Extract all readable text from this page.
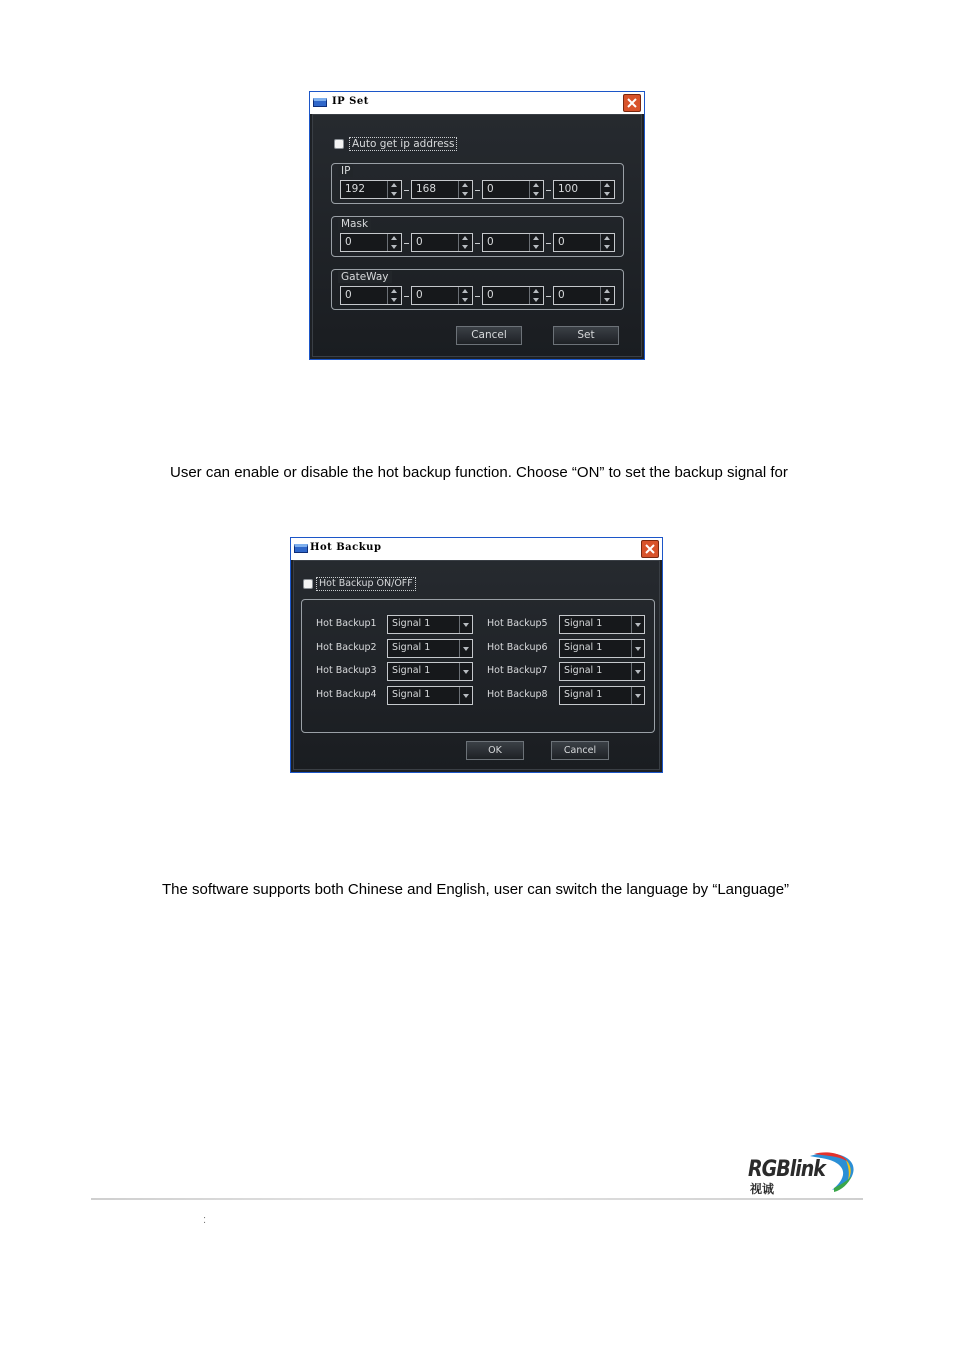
IP Set
Auto get ip address
IP
192	168	0	100
Mask
0	0	0	0
GateWay
0	0	0	0
Cancel	Set
User can enable or disable the hot backup function. Choose “ON” to set the backup signal for
Hot Backup
Hot Backup ON/OFF
Hot Backup1 Signal 1
Hot Backup2 Signal 1
Hot Backup3 Signal 1
Hot Backup4 Signal 1
Hot Backup5 Signal 1
Hot Backup6 Signal 1
Hot Backup7 Signal 1
Hot Backup8 Signal 1
OK	Cancel
The software supports both Chinese and English, user can switch the language by “Language”
RGBlink
视诚
:
